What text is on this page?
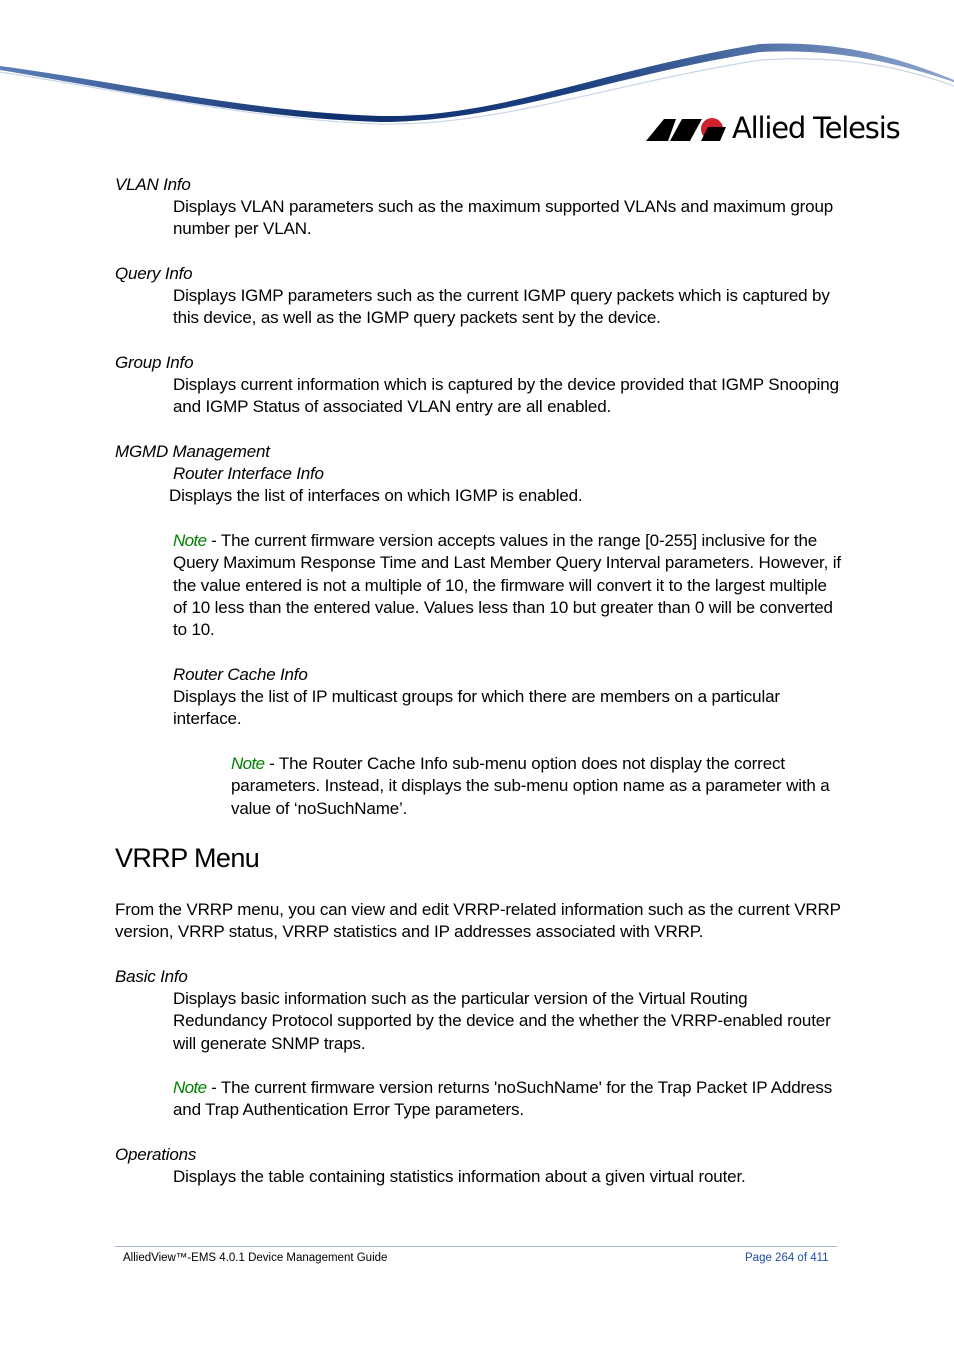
Allied Telesis
VLAN Info
Displays VLAN parameters such as the maximum supported VLANs and maximum group number per VLAN.
Query Info
Displays IGMP parameters such as the current IGMP query packets which is captured by this device, as well as the IGMP query packets sent by the device.
Group Info
Displays current information which is captured by the device provided that IGMP Snooping and IGMP Status of associated VLAN entry are all enabled.
MGMD Management
Router Interface Info
Displays the list of interfaces on which IGMP is enabled.
Note - The current firmware version accepts values in the range [0-255] inclusive for the Query Maximum Response Time and Last Member Query Interval parameters. However, if the value entered is not a multiple of 10, the firmware will convert it to the largest multiple of 10 less than the entered value. Values less than 10 but greater than 0 will be converted to 10.
Router Cache Info
Displays the list of IP multicast groups for which there are members on a particular interface.
Note - The Router Cache Info sub-menu option does not display the correct parameters. Instead, it displays the sub-menu option name as a parameter with a value of ‘noSuchName’.
VRRP Menu
From the VRRP menu, you can view and edit VRRP-related information such as the current VRRP version, VRRP status, VRRP statistics and IP addresses associated with VRRP.
Basic Info
Displays basic information such as the particular version of the Virtual Routing Redundancy Protocol supported by the device and the whether the VRRP-enabled router will generate SNMP traps.
Note - The current firmware version returns 'noSuchName' for the Trap Packet IP Address and Trap Authentication Error Type parameters.
Operations
Displays the table containing statistics information about a given virtual router.
AlliedView™-EMS 4.0.1 Device Management Guide	Page 264 of 411
